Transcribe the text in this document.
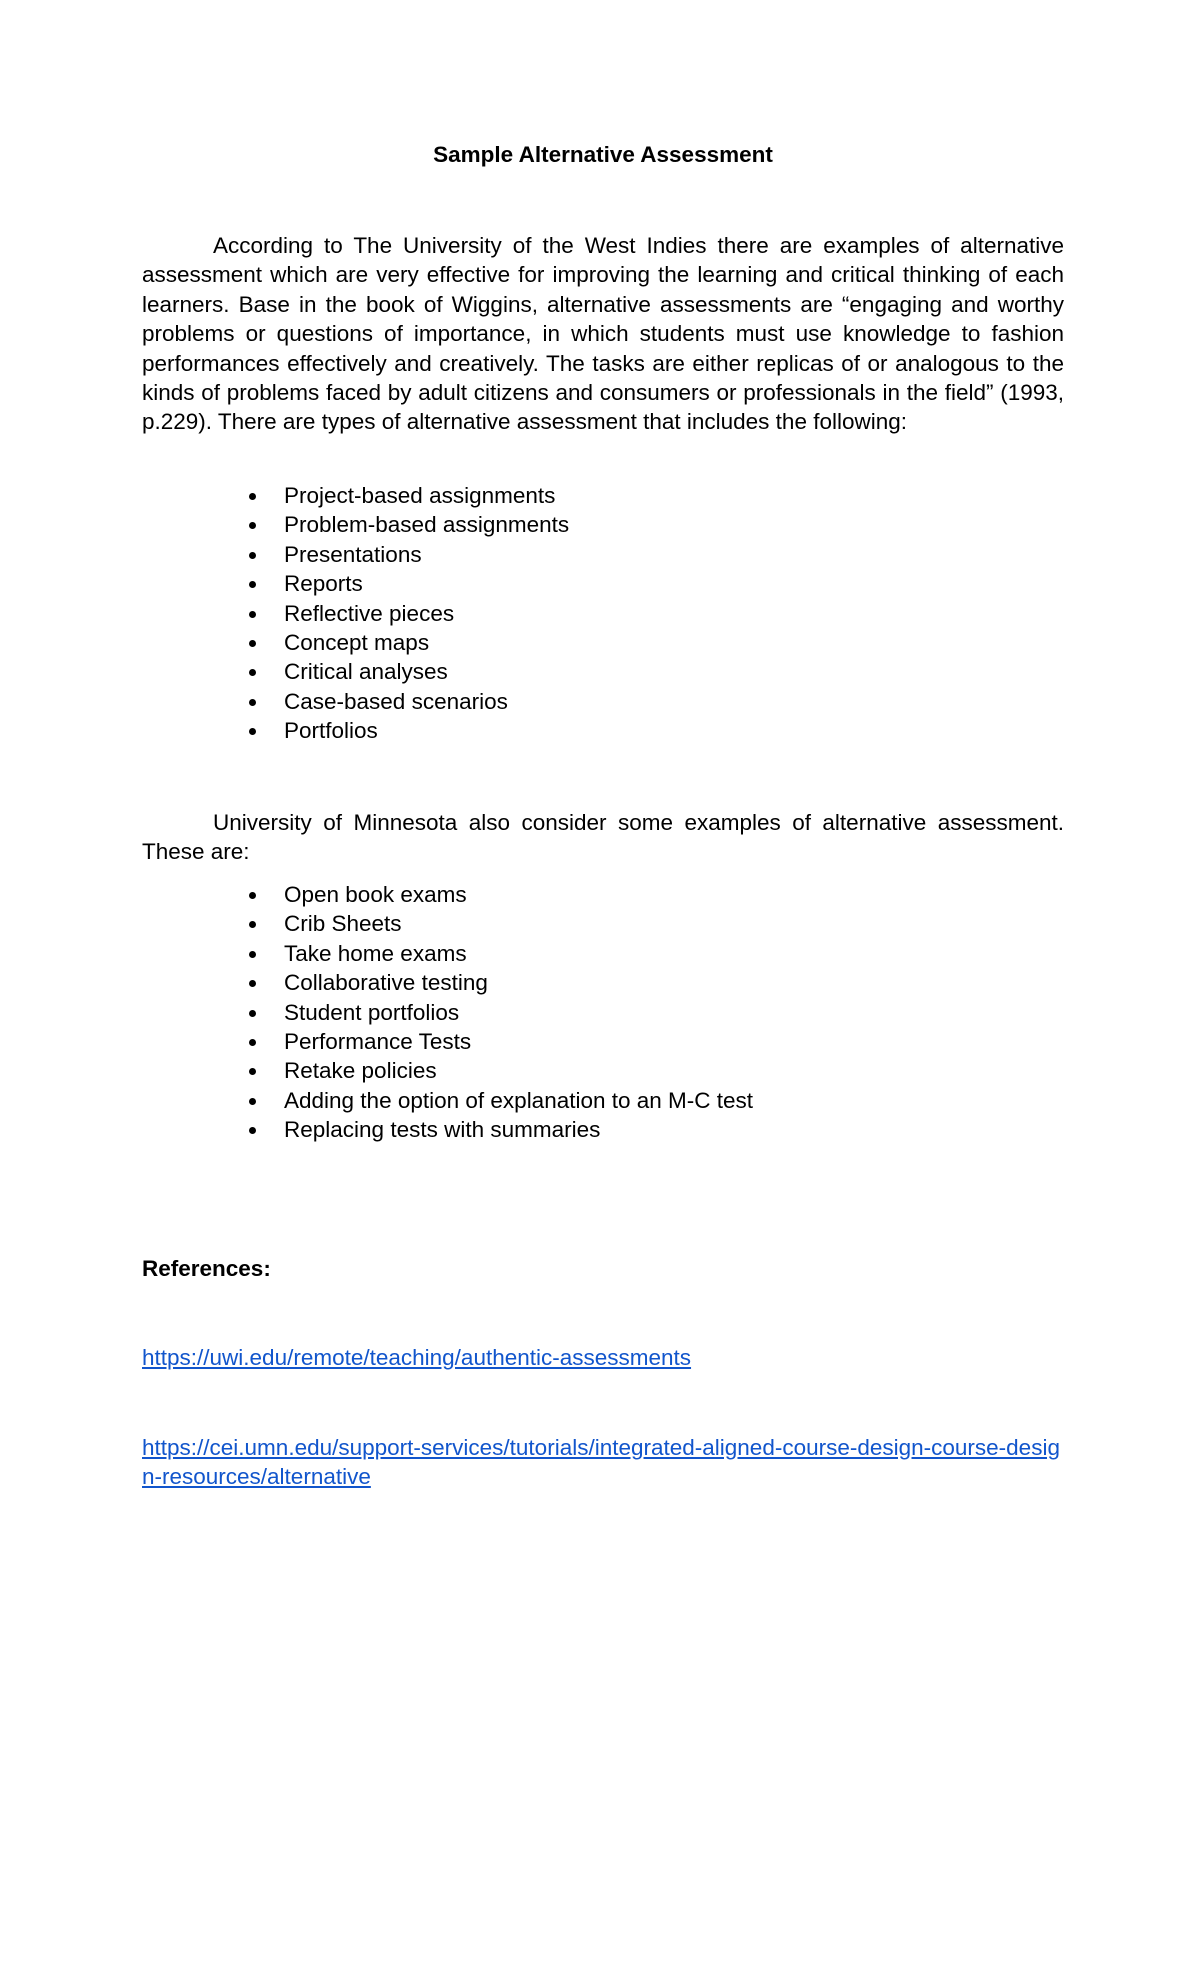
Sample Alternative Assessment

According to The University of the West Indies there are examples of alternative assessment which are very effective for improving the learning and critical thinking of each learners. Base in the book of Wiggins, alternative assessments are “engaging and worthy problems or questions of importance, in which students must use knowledge to fashion performances effectively and creatively. The tasks are either replicas of or analogous to the kinds of problems faced by adult citizens and consumers or professionals in the field” (1993, p.229). There are types of alternative assessment that includes the following:

Project-based assignments
Problem-based assignments
Presentations
Reports
Reflective pieces
Concept maps
Critical analyses
Case-based scenarios
Portfolios

University of Minnesota also consider some examples of alternative assessment. These are:

Open book exams
Crib Sheets
Take home exams
Collaborative testing
Student portfolios
Performance Tests
Retake policies
Adding the option of explanation to an M-C test
Replacing tests with summaries
References:
https://uwi.edu/remote/teaching/authentic-assessments
https://cei.umn.edu/support-services/tutorials/integrated-aligned-course-design-course-design-resources/alternative
